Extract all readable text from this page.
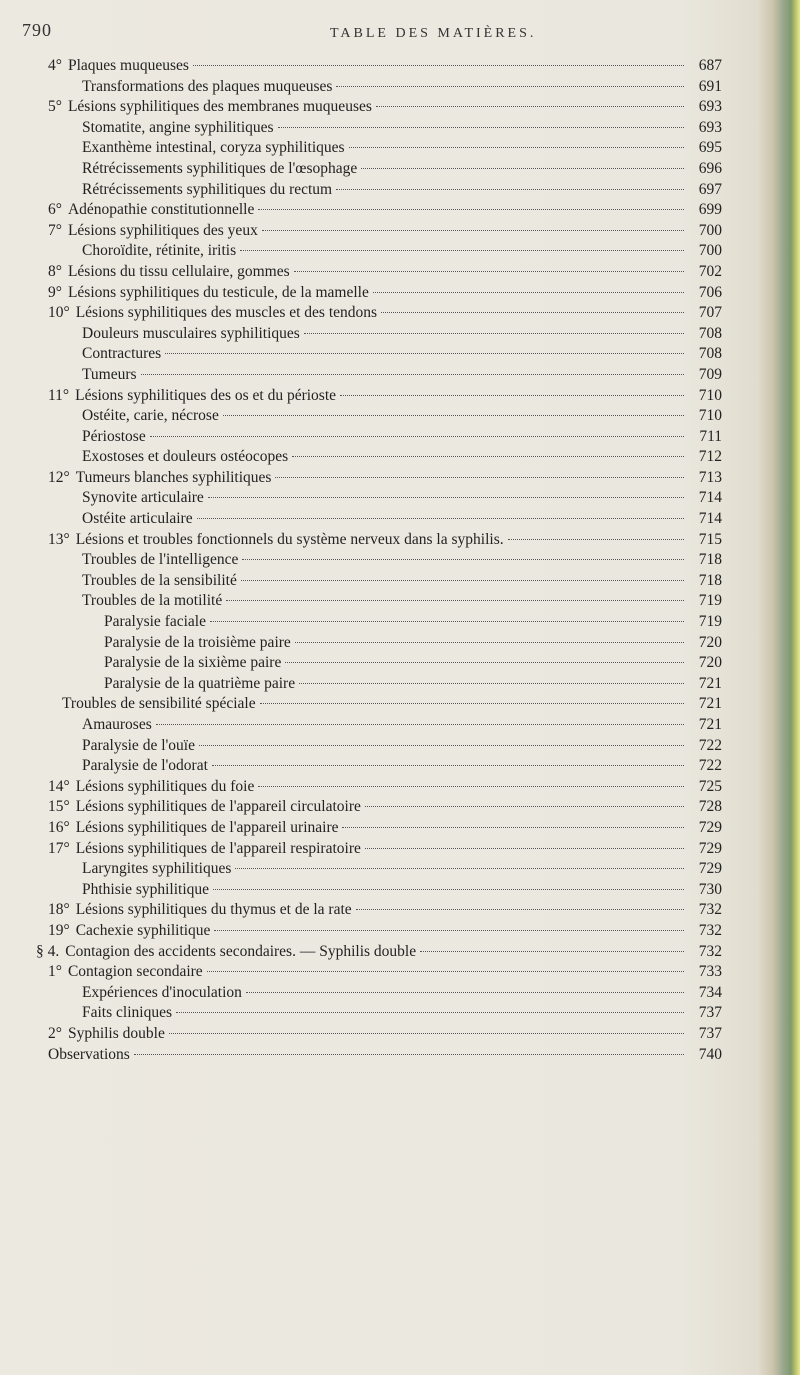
790	TABLE DES MATIÈRES.
4° Plaques muqueuses	687
Transformations des plaques muqueuses	691
5° Lésions syphilitiques des membranes muqueuses	693
Stomatite, angine syphilitiques	693
Exanthème intestinal, coryza syphilitiques	695
Rétrécissements syphilitiques de l'œsophage	696
Rétrécissements syphilitiques du rectum	697
6° Adénopathie constitutionnelle	699
7° Lésions syphilitiques des yeux	700
Choroïdite, rétinite, iritis	700
8° Lésions du tissu cellulaire, gommes	702
9° Lésions syphilitiques du testicule, de la mamelle	706
10° Lésions syphilitiques des muscles et des tendons	707
Douleurs musculaires syphilitiques	708
Contractures	708
Tumeurs	709
11° Lésions syphilitiques des os et du périoste	710
Ostéite, carie, nécrose	710
Périostose	711
Exostoses et douleurs ostéocopes	712
12° Tumeurs blanches syphilitiques	713
Synovite articulaire	714
Ostéite articulaire	714
13° Lésions et troubles fonctionnels du système nerveux dans la syphilis.	715
Troubles de l'intelligence	718
Troubles de la sensibilité	718
Troubles de la motilité	719
Paralysie faciale	719
Paralysie de la troisième paire	720
Paralysie de la sixième paire	720
Paralysie de la quatrième paire	721
Troubles de sensibilité spéciale	721
Amauroses	721
Paralysie de l'ouïe	722
Paralysie de l'odorat	722
14° Lésions syphilitiques du foie	725
15° Lésions syphilitiques de l'appareil circulatoire	728
16° Lésions syphilitiques de l'appareil urinaire	729
17° Lésions syphilitiques de l'appareil respiratoire	729
Laryngites syphilitiques	729
Phthisie syphilitique	730
18° Lésions syphilitiques du thymus et de la rate	732
19° Cachexie syphilitique	732
§ 4. Contagion des accidents secondaires. — Syphilis double	732
1° Contagion secondaire	733
Expériences d'inoculation	734
Faits cliniques	737
2° Syphilis double	737
Observations	740
